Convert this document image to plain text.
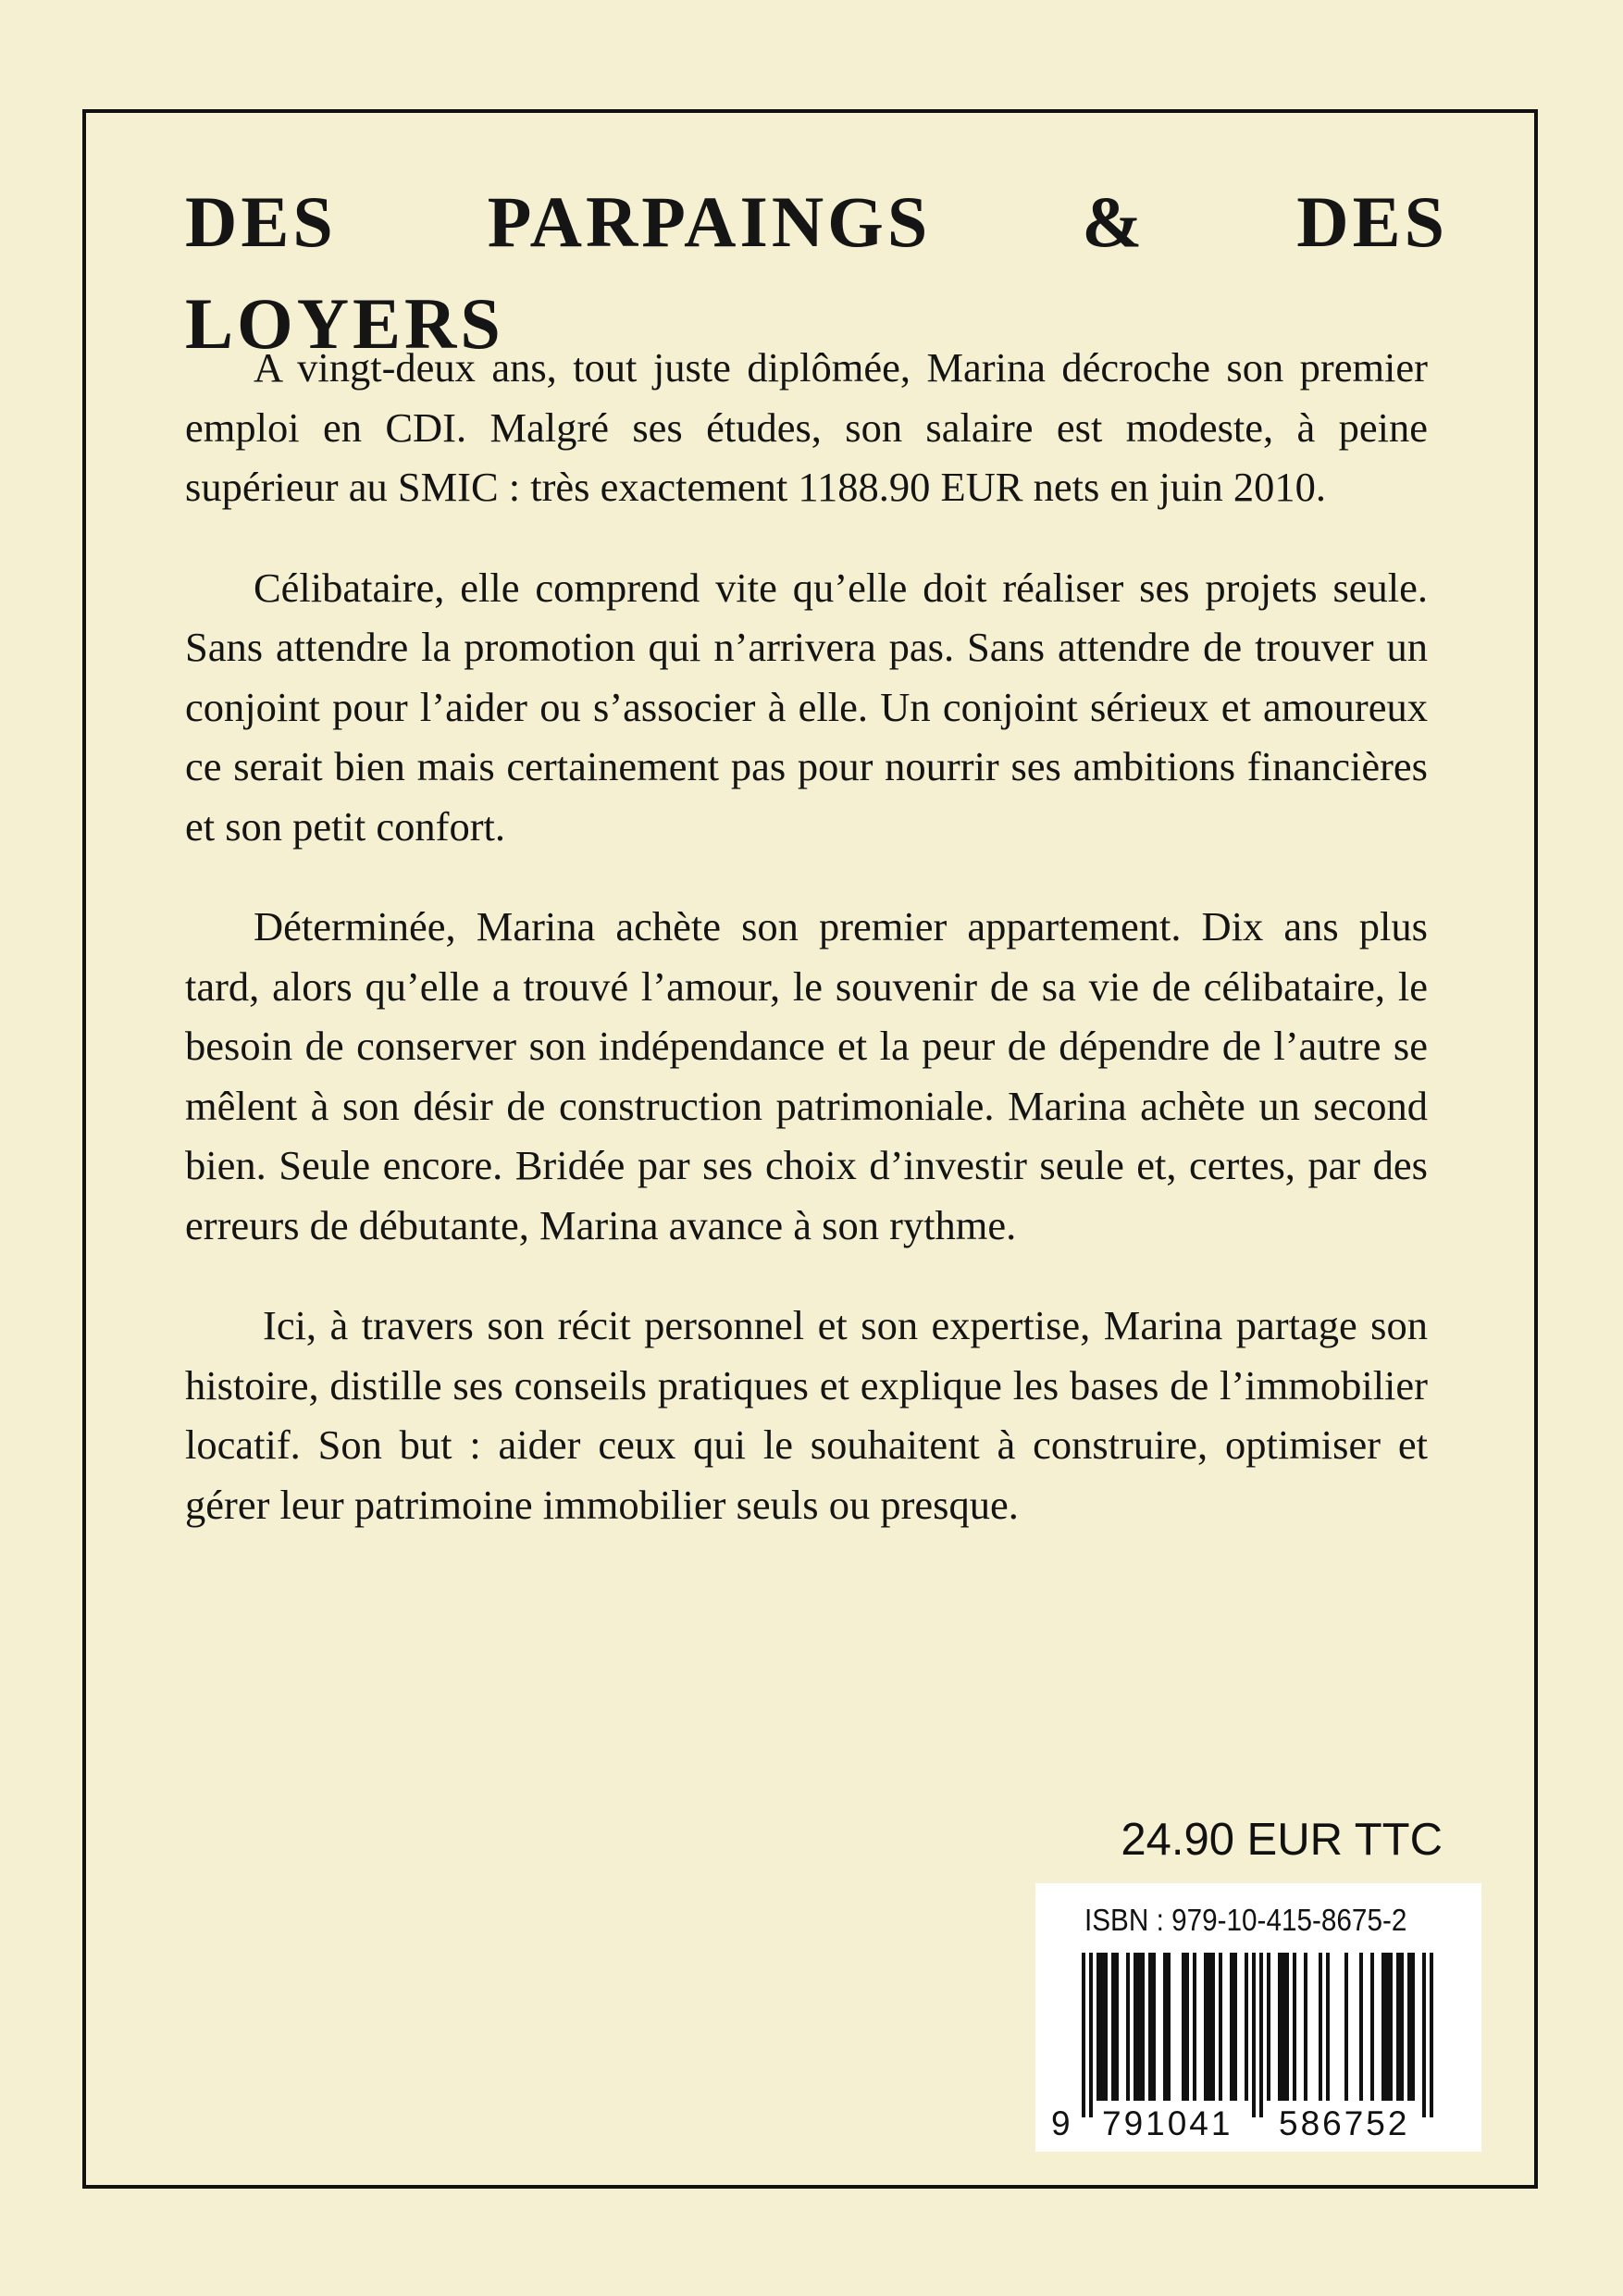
DES PARPAINGS & DES LOYERS

A vingt-deux ans, tout juste diplômée, Marina décroche son premier emploi en CDI. Malgré ses études, son salaire est modeste, à peine supérieur au SMIC : très exactement 1188.90 EUR nets en juin 2010.

Célibataire, elle comprend vite qu’elle doit réaliser ses projets seule. Sans attendre la promotion qui n’arrivera pas. Sans attendre de trouver un conjoint pour l’aider ou s’associer à elle. Un conjoint sérieux et amoureux ce serait bien mais certainement pas pour nourrir ses ambitions financières et son petit confort.

Déterminée, Marina achète son premier appartement. Dix ans plus tard, alors qu’elle a trouvé l’amour, le souvenir de sa vie de célibataire, le besoin de conserver son indépendance et la peur de dépendre de l’autre se mêlent à son désir de construction patrimoniale. Marina achète un second bien. Seule encore. Bridée par ses choix d’investir seule et, certes, par des erreurs de débutante, Marina avance à son rythme.

Ici, à travers son récit personnel et son expertise, Marina partage son histoire, distille ses conseils pratiques et explique les bases de l’immobilier locatif. Son but : aider ceux qui le souhaitent à construire, optimiser et gérer leur patrimoine immobilier seuls ou presque.

24.90 EUR TTC
ISBN : 979-10-415-8675-2
9 791041 586752
